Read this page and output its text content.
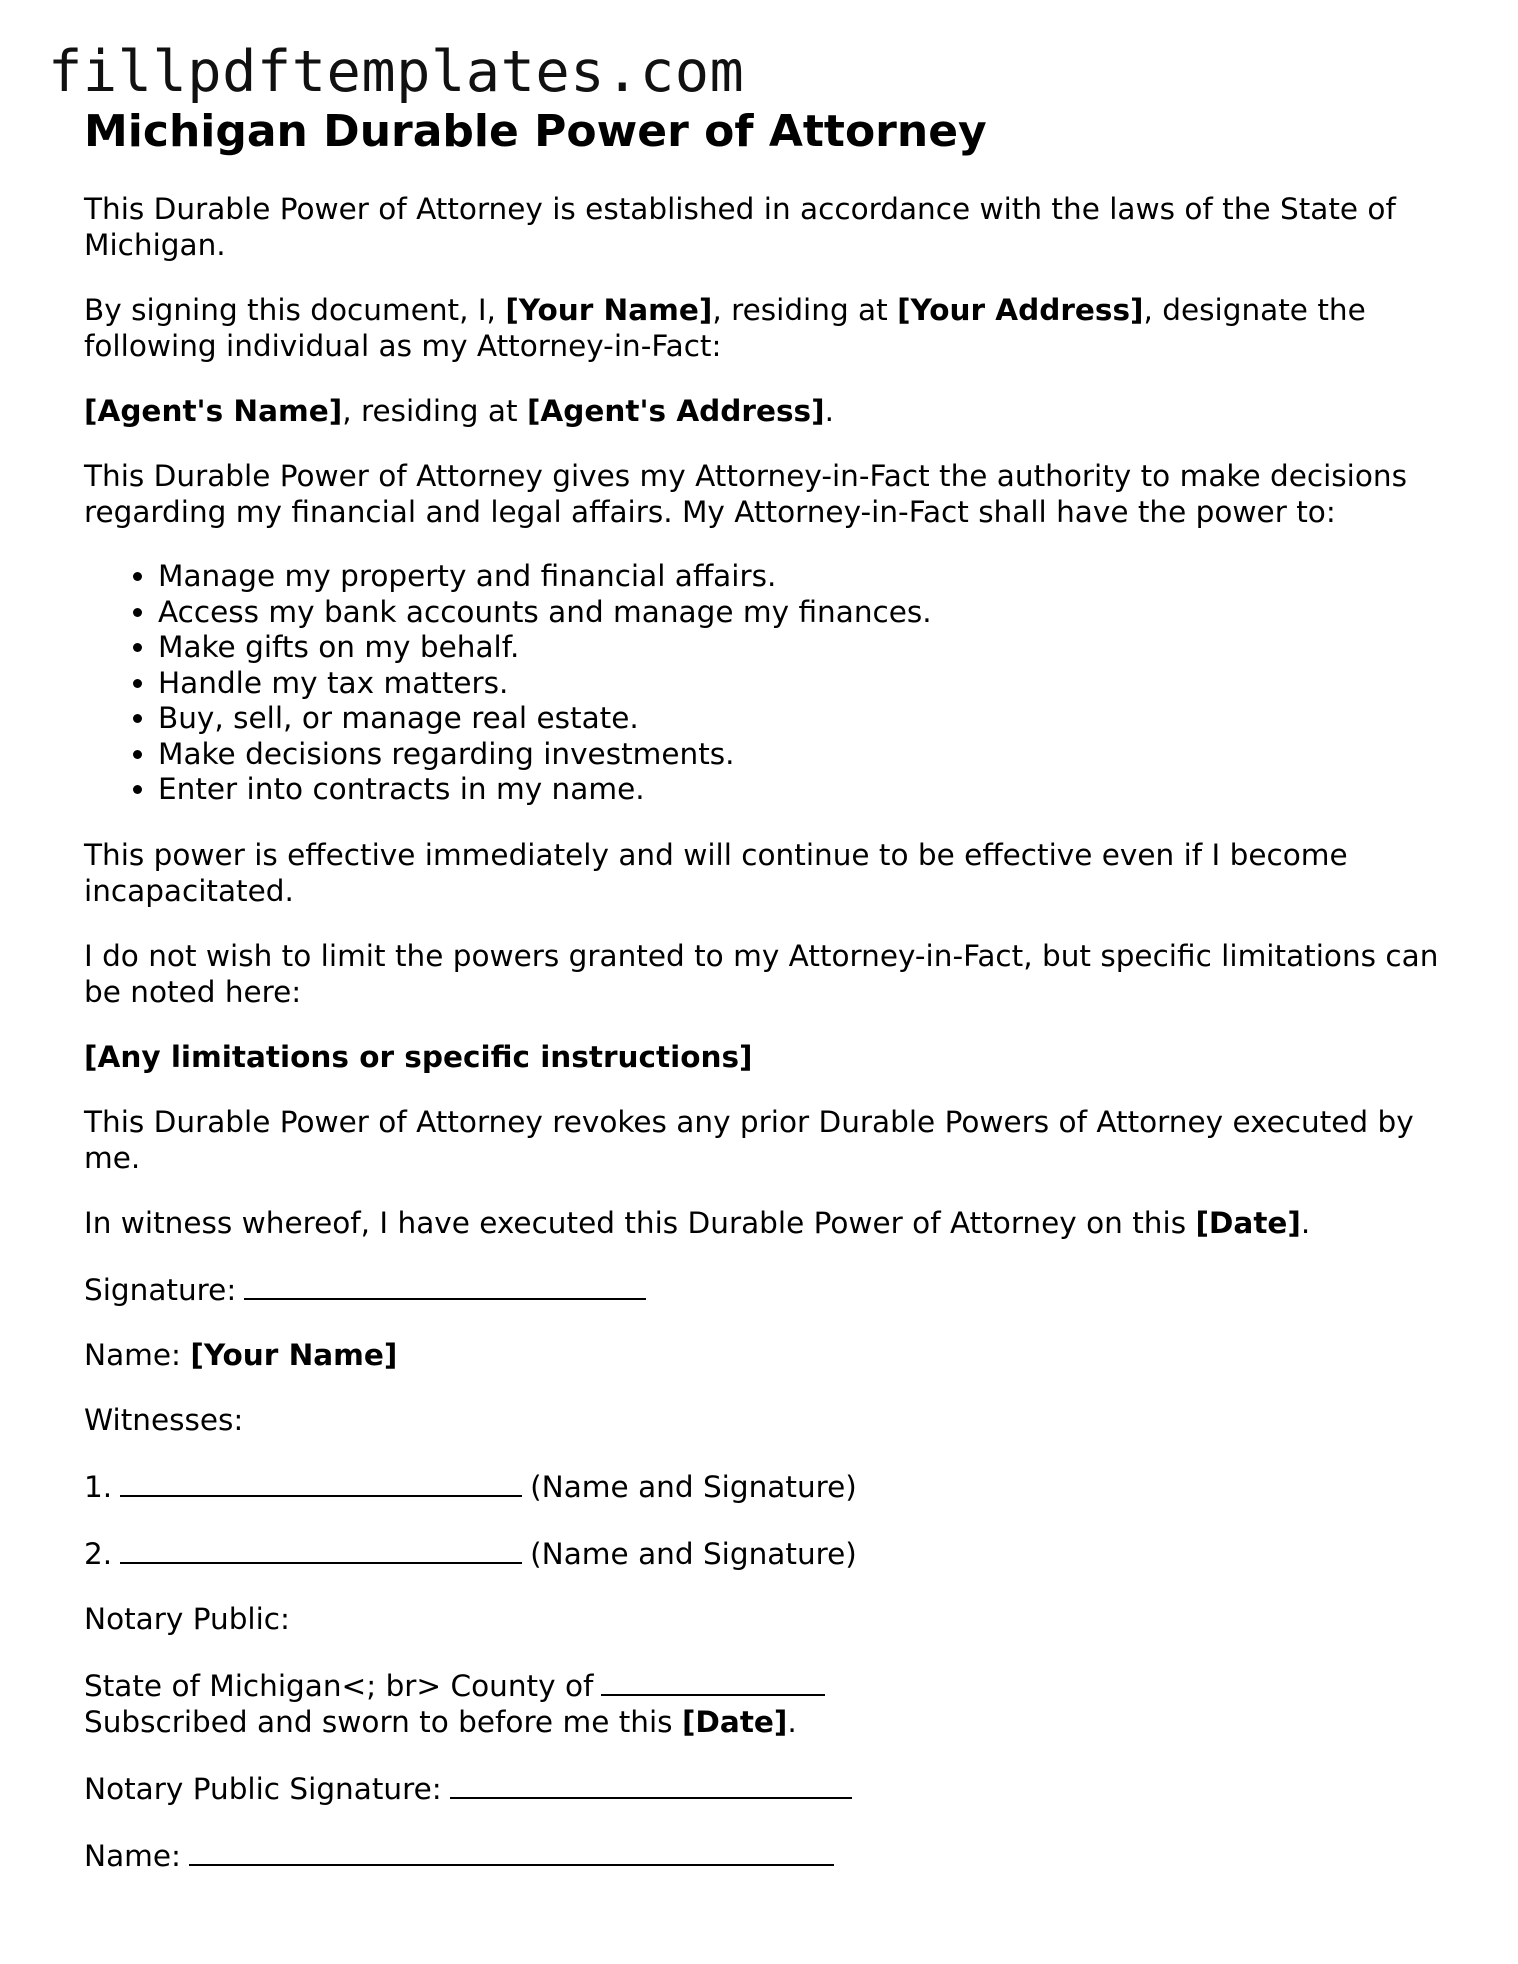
fillpdftemplates.com
Michigan Durable Power of Attorney

This Durable Power of Attorney is established in accordance with the laws of the State of Michigan.

By signing this document, I, [Your Name], residing at [Your Address], designate the following individual as my Attorney-in-Fact:

[Agent's Name], residing at [Agent's Address].

This Durable Power of Attorney gives my Attorney-in-Fact the authority to make decisions regarding my financial and legal affairs. My Attorney-in-Fact shall have the power to:

• Manage my property and financial affairs.
• Access my bank accounts and manage my finances.
• Make gifts on my behalf.
• Handle my tax matters.
• Buy, sell, or manage real estate.
• Make decisions regarding investments.
• Enter into contracts in my name.

This power is effective immediately and will continue to be effective even if I become incapacitated.

I do not wish to limit the powers granted to my Attorney-in-Fact, but specific limitations can be noted here:

[Any limitations or specific instructions]

This Durable Power of Attorney revokes any prior Durable Powers of Attorney executed by me.

In witness whereof, I have executed this Durable Power of Attorney on this [Date].

Signature:

Name: [Your Name]

Witnesses:

1.	(Name and Signature)

2.	(Name and Signature)

Notary Public:

State of Michigan<; br> County of
Subscribed and sworn to before me this [Date].

Notary Public Signature:

Name:
